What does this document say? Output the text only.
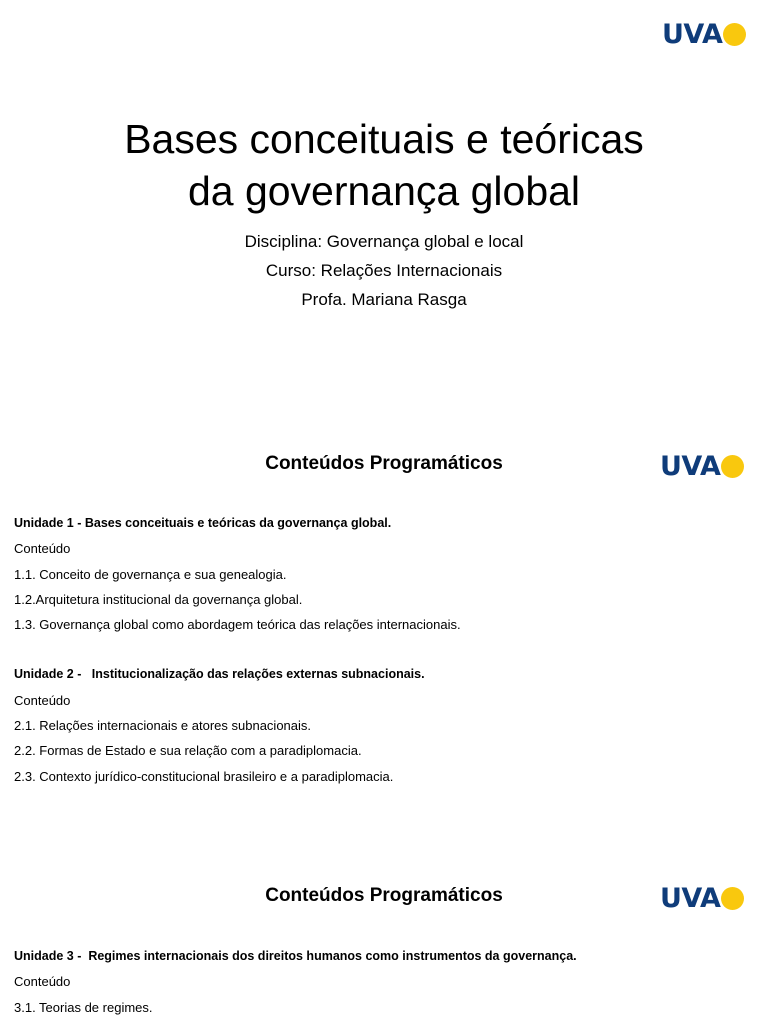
UVA
Bases conceituais e teóricas
da governança global
Disciplina: Governança global e local
Curso: Relações Internacionais
Profa. Mariana Rasga
UVA
Conteúdos Programáticos
Unidade 1 - Bases conceituais e teóricas da governança global.
Conteúdo
1.1. Conceito de governança e sua genealogia.
1.2.Arquitetura institucional da governança global.
1.3. Governança global como abordagem teórica das relações internacionais.
Unidade 2 -   Institucionalização das relações externas subnacionais.
Conteúdo
2.1. Relações internacionais e atores subnacionais.
2.2. Formas de Estado e sua relação com a paradiplomacia.
2.3. Contexto jurídico-constitucional brasileiro e a paradiplomacia.
UVA
Conteúdos Programáticos
Unidade 3 -  Regimes internacionais dos direitos humanos como instrumentos da governança.
Conteúdo
3.1. Teorias de regimes.
